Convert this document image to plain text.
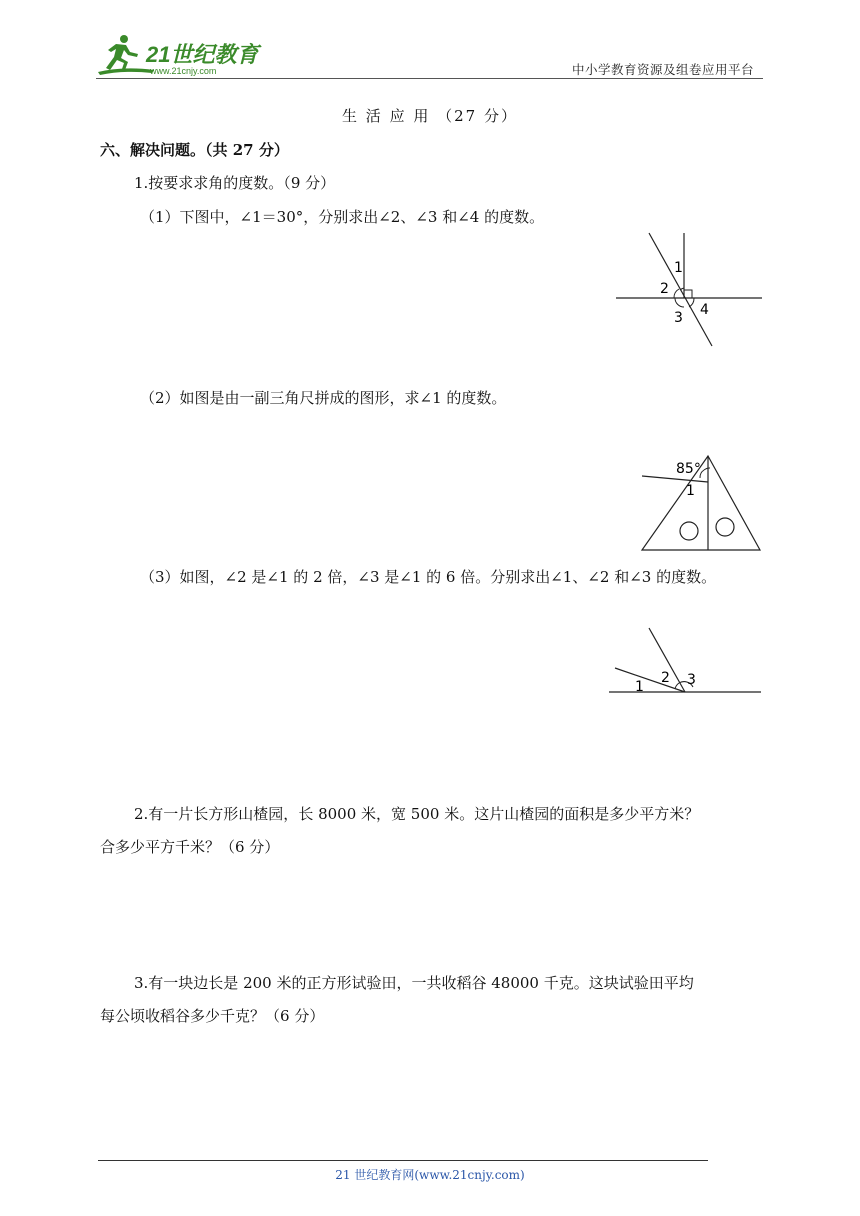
21世纪教育
www.21cnjy.com	中小学教育资源及组卷应用平台
生 活 应 用 （27 分）
六、解决问题。（共 27 分）
1.按要求求角的度数。（9 分）
（1）下图中，∠1＝30°，分别求出∠2、∠3 和∠4 的度数。
1
2
3 4
（2）如图是由一副三角尺拼成的图形，求∠1 的度数。
85°
1
（3）如图，∠2 是∠1 的 2 倍，∠3 是∠1 的 6 倍。分别求出∠1、∠2 和∠3 的度数。
1
2 3
2.有一片长方形山楂园，长 8000 米，宽 500 米。这片山楂园的面积是多少平方米？
合多少平方千米？（6 分）
3.有一块边长是 200 米的正方形试验田，一共收稻谷 48000 千克。这块试验田平均
每公顷收稻谷多少千克？（6 分）
21 世纪教育网(www.21cnjy.com)
